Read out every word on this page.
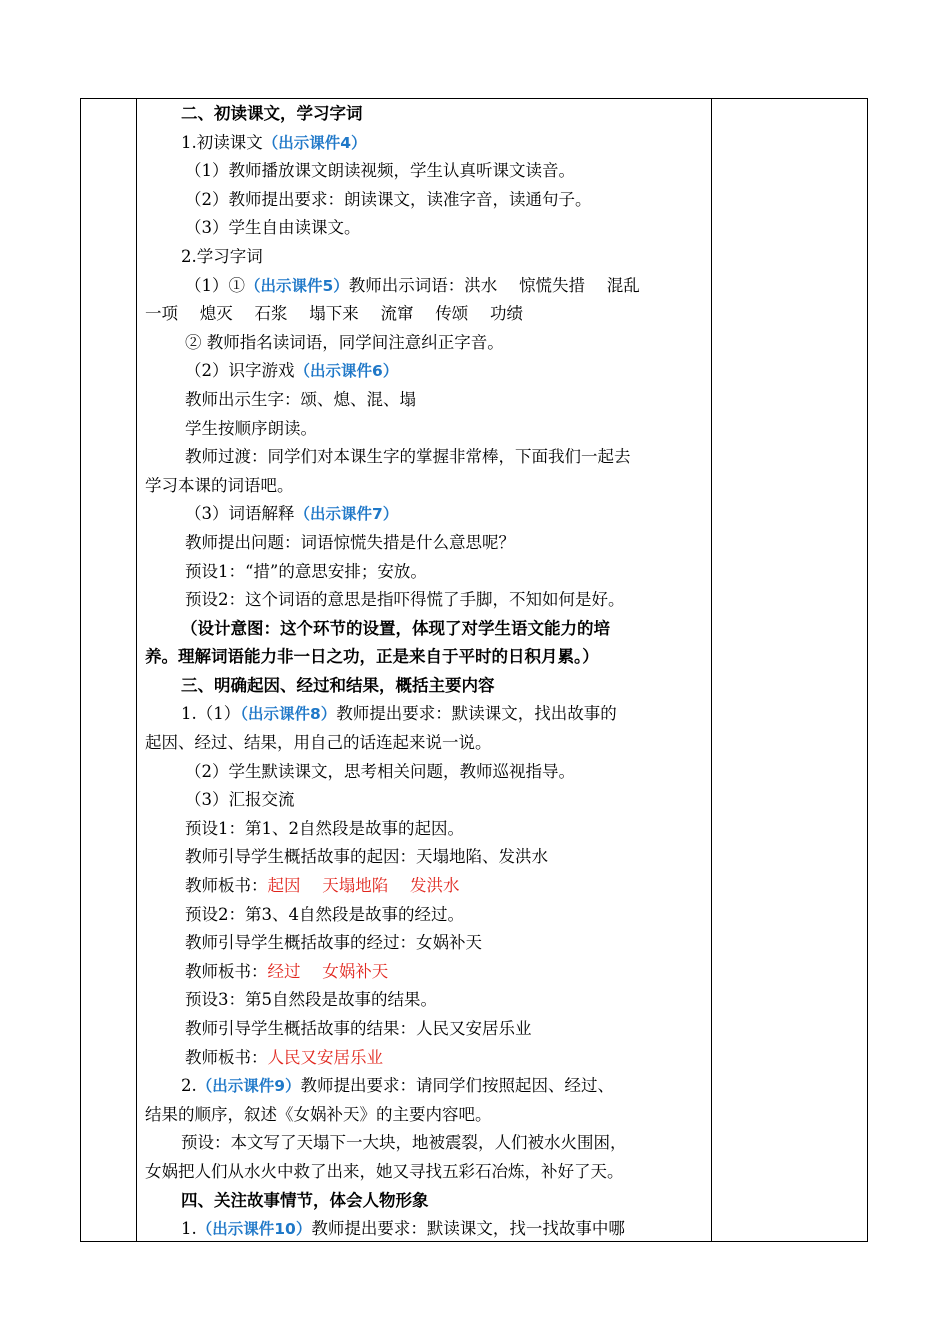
二、初读课文，学习字词
1.初读课文（出示课件4）
（1）教师播放课文朗读视频，学生认真听课文读音。
（2）教师提出要求：朗读课文，读准字音，读通句子。
（3）学生自由读课文。
2.学习字词
（1）①（出示课件5）教师出示词语：洪水　 惊慌失措　 混乱
一项　 熄灭　 石浆　 塌下来　 流窜　 传颂　 功绩
② 教师指名读词语，同学间注意纠正字音。
（2）识字游戏（出示课件6）
教师出示生字：颂、熄、混、塌
学生按顺序朗读。
教师过渡：同学们对本课生字的掌握非常棒，下面我们一起去
学习本课的词语吧。
（3）词语解释（出示课件7）
教师提出问题：词语惊慌失措是什么意思呢？
预设1：“措”的意思安排；安放。
预设2：这个词语的意思是指吓得慌了手脚，不知如何是好。
（设计意图：这个环节的设置，体现了对学生语文能力的培
养。理解词语能力非一日之功，正是来自于平时的日积月累。）
三、明确起因、经过和结果，概括主要内容
1.（1）（出示课件8）教师提出要求：默读课文，找出故事的
起因、经过、结果，用自己的话连起来说一说。
（2）学生默读课文，思考相关问题，教师巡视指导。
（3）汇报交流
预设1：第1、2自然段是故事的起因。
教师引导学生概括故事的起因：天塌地陷、发洪水
教师板书：起因　 天塌地陷　 发洪水
预设2：第3、4自然段是故事的经过。
教师引导学生概括故事的经过：女娲补天
教师板书：经过　 女娲补天
预设3：第5自然段是故事的结果。
教师引导学生概括故事的结果：人民又安居乐业
教师板书：人民又安居乐业
2.（出示课件9）教师提出要求：请同学们按照起因、经过、
结果的顺序，叙述《女娲补天》的主要内容吧。
预设：本文写了天塌下一大块，地被震裂，人们被水火围困，
女娲把人们从水火中救了出来，她又寻找五彩石冶炼，补好了天。
四、关注故事情节，体会人物形象
1.（出示课件10）教师提出要求：默读课文，找一找故事中哪
